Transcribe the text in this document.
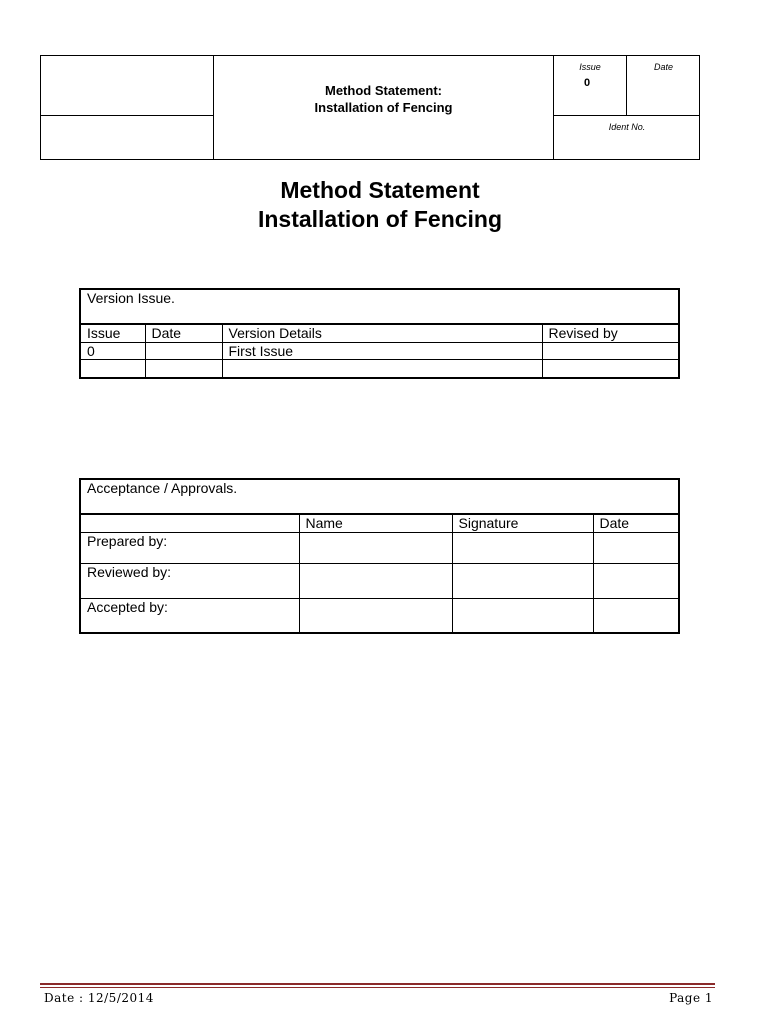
Method Statement:
Installation of Fencing
Issue
0
Date
Ident No.
Method Statement
Installation of Fencing
Version Issue.			
Issue	Date	Version Details	Revised by
0		First Issue	

Acceptance / Approvals.			
	Name	Signature	Date
Prepared by:			
Reviewed by:			
Accepted by:			
Date : 12/5/2014	Page 1
